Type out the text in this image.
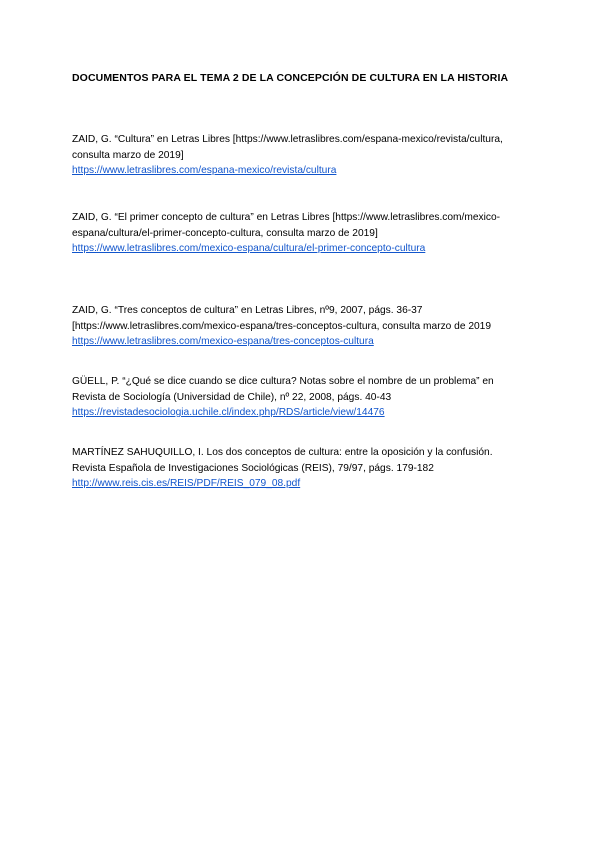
DOCUMENTOS PARA EL TEMA 2 DE LA CONCEPCIÓN DE CULTURA EN LA HISTORIA

ZAID, G. “Cultura” en Letras Libres [https://www.letraslibres.com/espana-mexico/revista/cultura, consulta marzo de 2019]

https://www.letraslibres.com/espana-mexico/revista/cultura

ZAID, G. “El primer concepto de cultura” en Letras Libres [https://www.letraslibres.com/mexico-espana/cultura/el-primer-concepto-cultura, consulta marzo de 2019]

https://www.letraslibres.com/mexico-espana/cultura/el-primer-concepto-cultura

ZAID, G. “Tres conceptos de cultura” en Letras Libres, nº9, 2007, págs. 36-37 [https://www.letraslibres.com/mexico-espana/tres-conceptos-cultura, consulta marzo de 2019

https://www.letraslibres.com/mexico-espana/tres-conceptos-cultura

GÜELL, P. “¿Qué se dice cuando se dice cultura? Notas sobre el nombre de un problema” en Revista de Sociología (Universidad de Chile), nº 22, 2008, págs. 40-43

https://revistadesociologia.uchile.cl/index.php/RDS/article/view/14476

MARTÍNEZ SAHUQUILLO, I. Los dos conceptos de cultura: entre la oposición y la confusión. Revista Española de Investigaciones Sociológicas (REIS), 79/97, págs. 179-182

http://www.reis.cis.es/REIS/PDF/REIS_079_08.pdf
